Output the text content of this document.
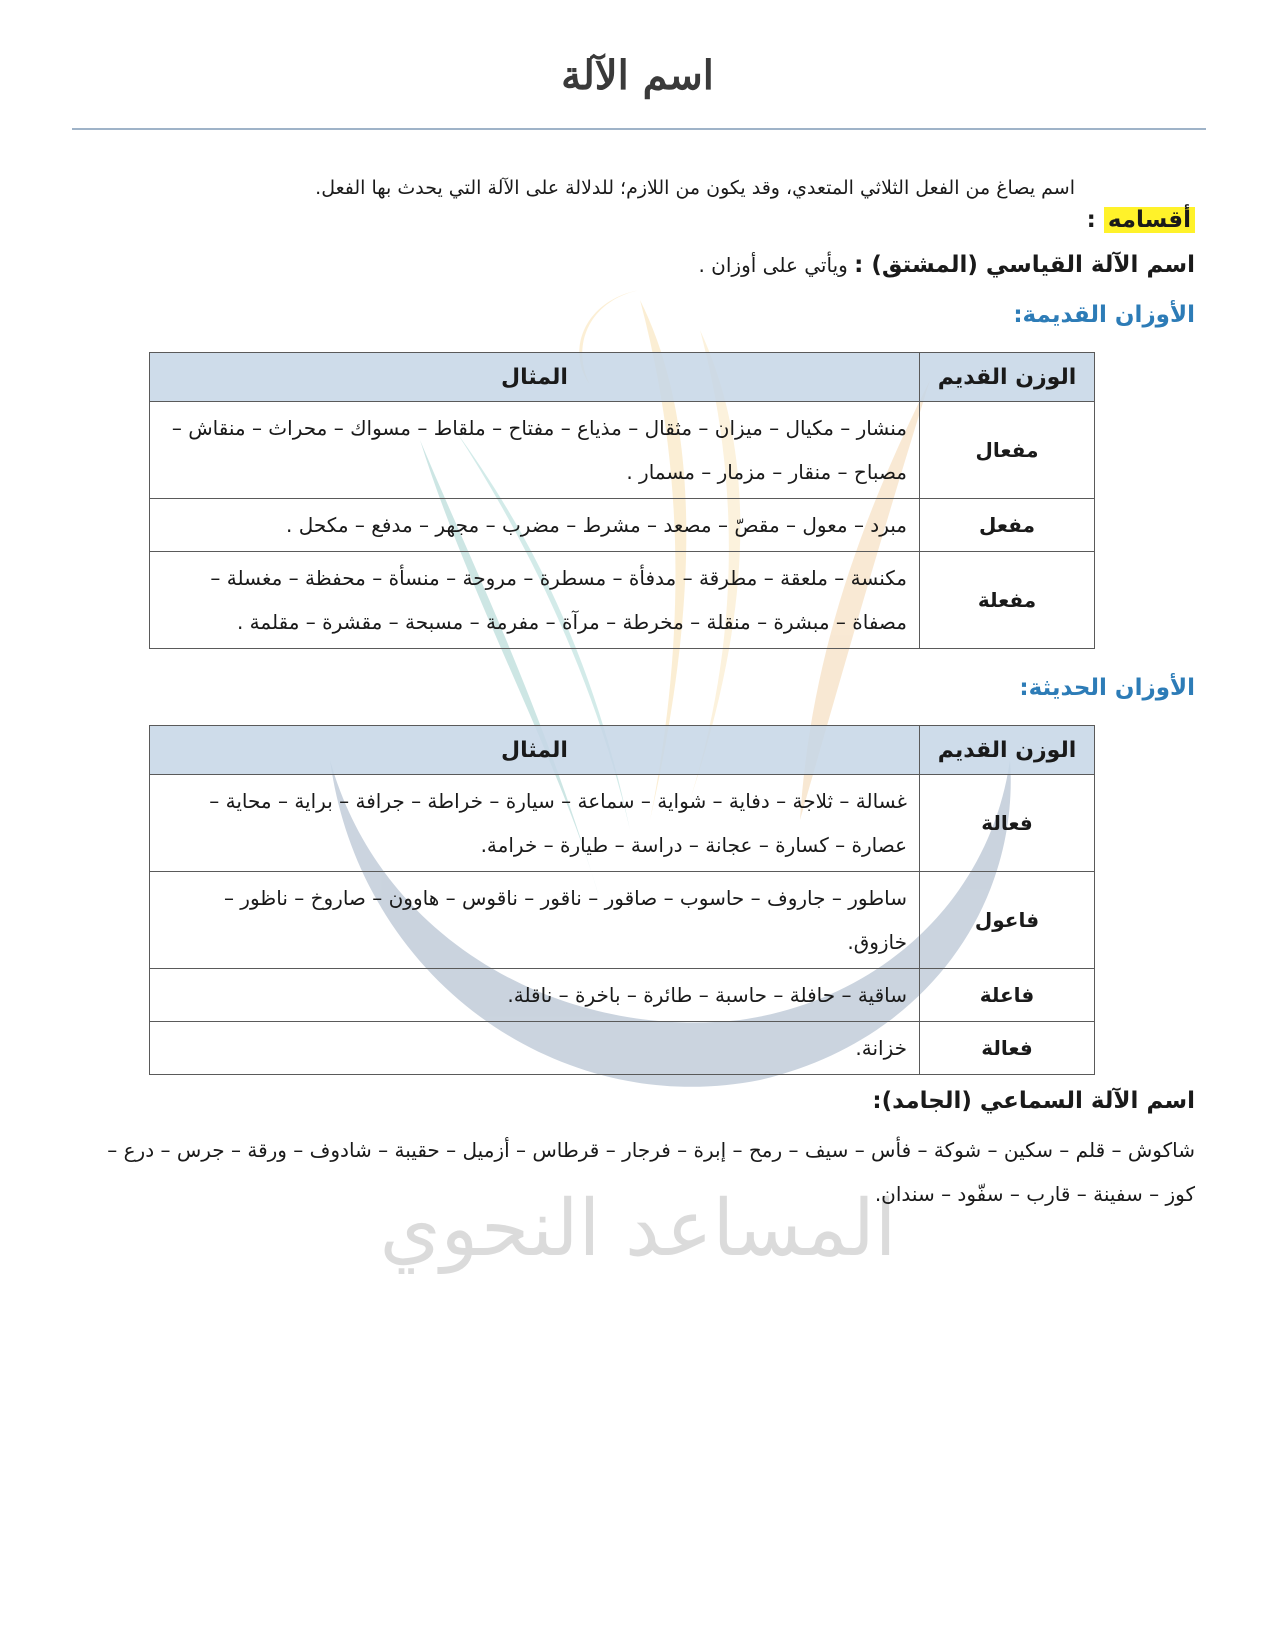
المساعد النحوي
اسم الآلة
اسم يصاغ من الفعل الثلاثي المتعدي، وقد يكون من اللازم؛ للدلالة على الآلة التي يحدث بها الفعل.
أقسامه :
اسم الآلة القياسي (المشتق) : ويأتي على أوزان .
الأوزان القديمة:
الوزن القديم	المثال
مفعال	منشار – مكيال – ميزان – مثقال – مذياع – مفتاح – ملقاط – مسواك – محراث – منقاش – مصباح – منقار – مزمار – مسمار .
مفعل	مبرد – معول – مقصّ – مصعد – مشرط – مضرب – مجهر – مدفع – مكحل .
مفعلة	مكنسة – ملعقة – مطرقة – مدفأة – مسطرة – مروحة – منسأة – محفظة – مغسلة – مصفاة – مبشرة – منقلة – مخرطة – مرآة – مفرمة – مسبحة – مقشرة – مقلمة .
الأوزان الحديثة:
الوزن القديم	المثال
فعالة	غسالة – ثلاجة – دفاية – شواية – سماعة – سيارة – خراطة – جرافة – براية – محاية – عصارة – كسارة – عجانة – دراسة – طيارة – خرامة.
فاعول	ساطور – جاروف – حاسوب – صاقور – ناقور – ناقوس – هاوون – صاروخ – ناظور – خازوق.
فاعلة	ساقية – حافلة – حاسبة – طائرة – باخرة – ناقلة.
فعالة	خزانة.
اسم الآلة السماعي (الجامد):
شاكوش – قلم – سكين – شوكة – فأس – سيف – رمح – إبرة – فرجار – قرطاس – أزميل – حقيبة – شادوف – ورقة – جرس – درع – كوز – سفينة – قارب – سفّود – سندان.
